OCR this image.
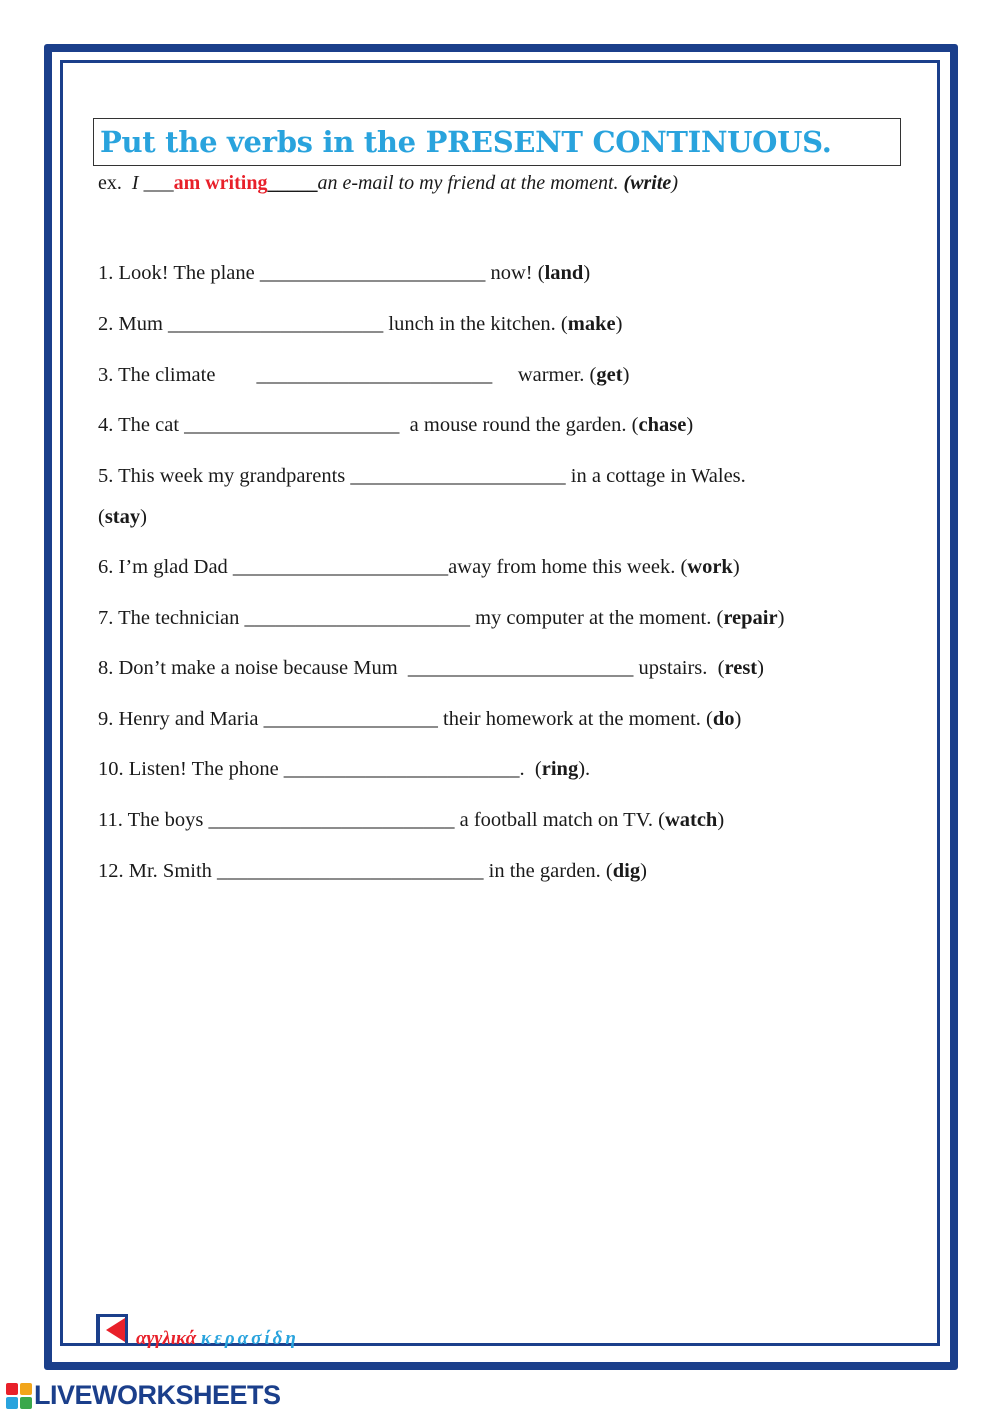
Put the verbs in the PRESENT CONTINUOUS.
ex. I ___am writing_____an e-mail to my friend at the moment. (write)
1. Look! The plane ______________________ now! (land)
2. Mum _____________________ lunch in the kitchen. (make)
3. The climate        _______________________     warmer. (get)
4. The cat _____________________  a mouse round the garden. (chase)
5. This week my grandparents _____________________ in a cottage in Wales.
(stay)
6. I’m glad Dad _____________________away from home this week. (work)
7. The technician ______________________ my computer at the moment. (repair)
8. Don’t make a noise because Mum  ______________________ upstairs.  (rest)
9. Henry and Maria _________________ their homework at the moment. (do)
10. Listen! The phone _______________________.  (ring).
11. The boys ________________________ a football match on TV. (watch)
12. Mr. Smith __________________________ in the garden. (dig)
αγγλικά κερασίδη
LIVEWORKSHEETS
